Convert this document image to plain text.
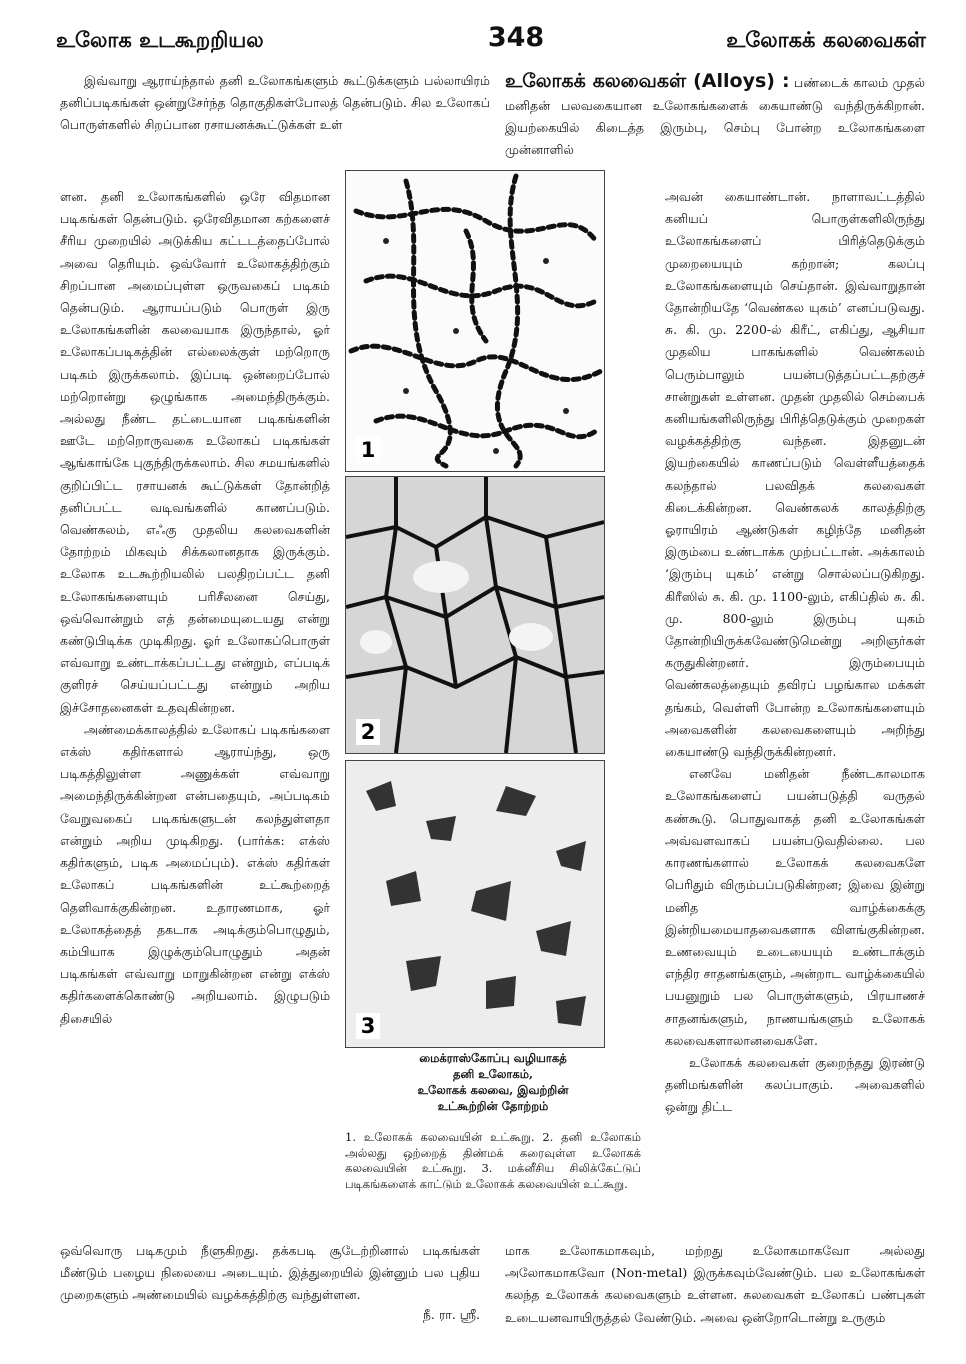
உலோக உடகூறறியல	348	உலோகக் கலவைகள்

இவ்வாறு ஆராய்ந்தால் தனி உலோகங்களும் கூட்டுக்களும் பல்லாயிரம் தனிப்படிகங்கள் ஒன்றுசேர்ந்த தொகுதிகள்போலத் தென்படும். சில உலோகப் பொருள்களில் சிறப்பான ரசாயனக்கூட்டுக்கள் உள்

ளன. தனி உலோகங்களில் ஒரே விதமான படிகங்கள் தென்படும். ஒரேவிதமான கற்களைச் சீரிய முறையில் அடுக்கிய கட்டடத்தைப்போல் அவை தெரியும். ஒவ்வோர் உலோகத்திற்கும் சிறப்பான அமைப்புள்ள ஒருவகைப் படிகம் தென்படும். ஆராயப்படும் பொருள் இரு உலோகங்களின் கலவையாக இருந்தால், ஓர் உலோகப்படிகத்தின் எல்லைக்குள் மற்றொரு படிகம் இருக்கலாம். இப்படி ஒன்றைப்போல் மற்றொன்று ஒழுங்காக அமைந்திருக்கும். அல்லது நீண்ட தட்டையான படிகங்களின் ஊடே மற்றொருவகை உலோகப் படிகங்கள் ஆங்காங்கே புகுந்திருக்கலாம். சில சமயங்களில் குறிப்பிட்ட ரசாயனக் கூட்டுக்கள் தோன்றித் தனிப்பட்ட வடிவங்களில் காணப்படும். வெண்கலம், எஃகு முதலிய கலவைகளின் தோற்றம் மிகவும் சிக்கலானதாக இருக்கும். உலோக உடகூற்றியலில் பலதிறப்பட்ட தனி உலோகங்களையும் பரிசீலனை செய்து, ஒவ்வொன்றும் எத் தன்மையுடையது என்று கண்டுபிடிக்க முடிகிறது. ஓர் உலோகப்பொருள் எவ்வாறு உண்டாக்கப்பட்டது என்றும், எப்படிக் குளிரச் செய்யப்பட்டது என்றும் அறிய இச்சோதனைகள் உதவுகின்றன.

அண்மைக்காலத்தில் உலோகப் படிகங்களை எக்ஸ் கதிர்களால் ஆராய்ந்து, ஒரு படிகத்திலுள்ள அணுக்கள் எவ்வாறு அமைந்திருக்கின்றன என்பதையும், அப்படிகம் வேறுவகைப் படிகங்களுடன் கலந்துள்ளதா என்றும் அறிய முடிகிறது. (பார்க்க: எக்ஸ் கதிர்களும், படிக அமைப்பும்). எக்ஸ் கதிர்கள் உலோகப் படிகங்களின் உட்கூற்றைத் தெளிவாக்குகின்றன. உதாரணமாக, ஓர் உலோகத்தைத் தகடாக அடிக்கும்பொழுதும், கம்பியாக இழுக்கும்பொழுதும் அதன் படிகங்கள் எவ்வாறு மாறுகின்றன என்று எக்ஸ் கதிர்களைக்கொண்டு அறியலாம். இழுபடும் திசையில்

உலோகக் கலவைகள் (Alloys) : பண்டைக் காலம் முதல் மனிதன் பலவகையான உலோகங்களைக் கையாண்டு வந்திருக்கிறான். இயற்கையில் கிடைத்த இரும்பு, செம்பு போன்ற உலோகங்களை முன்னாளில்

அவன் கையாண்டான். நாளாவட்டத்தில் கனியப் பொருள்களிலிருந்து உலோகங்களைப் பிரித்தெடுக்கும் முறையையும் கற்றான்; கலப்பு உலோகங்களையும் செய்தான். இவ்வாறுதான் தோன்றியதே ‘வெண்கல யுகம்’ எனப்படுவது. சு. கி. மு. 2200-ல் கிரீட், எகிப்து, ஆசியா முதலிய பாகங்களில் வெண்கலம் பெரும்பாலும் பயன்படுத்தப்பட்டதற்குச் சான்றுகள் உள்ளன. முதன் முதலில் செம்பைக் கனியங்களிலிருந்து பிரித்தெடுக்கும் முறைகள் வழக்கத்திற்கு வந்தன. இதனுடன் இயற்கையில் காணப்படும் வெள்ளீயத்தைக் கலந்தால் பலவிதக் கலவைகள் கிடைக்கின்றன. வெண்கலக் காலத்திற்கு ஓராயிரம் ஆண்டுகள் கழிந்தே மனிதன் இரும்பை உண்டாக்க முற்பட்டான். அக்காலம் ‘இரும்பு யுகம்’ என்று சொல்லப்படுகிறது. கிரீஸில் சு. கி. மு. 1100-லும், எகிப்தில் சு. கி. மு. 800-லும் இரும்பு யுகம் தோன்றியிருக்கவேண்டுமென்று அறிஞர்கள் கருதுகின்றனர். இரும்பையும் வெண்கலத்தையும் தவிரப் பழங்கால மக்கள் தங்கம், வெள்ளி போன்ற உலோகங்களையும் அவைகளின் கலவைகளையும் அறிந்து கையாண்டு வந்திருக்கின்றனர்.

எனவே மனிதன் நீண்டகாலமாக உலோகங்களைப் பயன்படுத்தி வருதல் கண்கூடு. பொதுவாகத் தனி உலோகங்கள் அவ்வளவாகப் பயன்படுவதில்லை. பல காரணங்களால் உலோகக் கலவைகளே பெரிதும் விரும்பப்படுகின்றன; இவை இன்று மனித வாழ்க்கைக்கு இன்றியமையாதவைகளாக விளங்குகின்றன. உணவையும் உடையையும் உண்டாக்கும் எந்திர சாதனங்களும், அன்றாட வாழ்க்கையில் பயனுறும் பல பொருள்களும், பிரயாணச் சாதனங்களும், நாணயங்களும் உலோகக் கலவைகளாலானவைகளே.

உலோகக் கலவைகள் குறைந்தது இரண்டு தனிமங்களின் கலப்பாகும். அவைகளில் ஒன்று திட்ட

1
2
3
மைக்ராஸ்கோப்பு வழியாகத்
தனி உலோகம்,
உலோகக் கலவை, இவற்றின்
உட்கூற்றின் தோற்றம்
1. உலோகக் கலவையின் உட்கூறு. 2. தனி உலோகம் அல்லது ஒற்றைத் திண்மக் கரைவுள்ள உலோகக் கலவையின் உட்கூறு. 3. மக்னீசிய சிலிக்கேட்டுப் படிகங்களைக் காட்டும் உலோகக் கலவையின் உட்கூறு.

ஒவ்வொரு படிகமும் நீளுகிறது. தக்கபடி சூடேற்றினால் படிகங்கள் மீண்டும் பழைய நிலையை அடையும். இத்துறையில் இன்னும் பல புதிய முறைகளும் அண்மையில் வழக்கத்திற்கு வந்துள்ளன.

நீ. ரா. ஸ்ரீ.

மாக உலோகமாகவும், மற்றது உலோகமாகவோ அல்லது அலோகமாகவோ (Non-metal) இருக்கவும்வேண்டும். பல உலோகங்கள் கலந்த உலோகக் கலவைகளும் உள்ளன. கலவைகள் உலோகப் பண்புகள் உடையனவாயிருத்தல் வேண்டும். அவை ஒன்றோடொன்று உருகும்
